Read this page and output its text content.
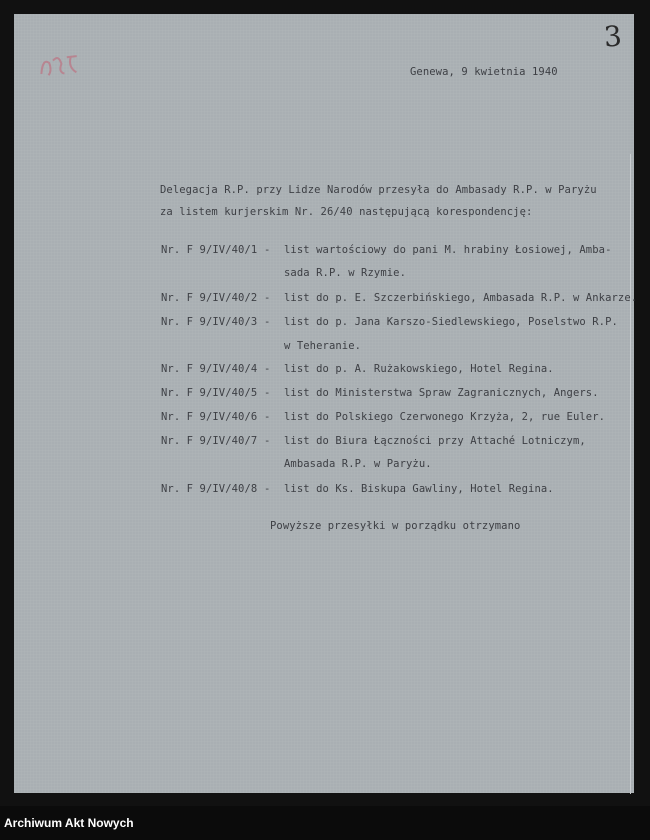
3
Genewa, 9 kwietnia 1940
Delegacja R.P. przy Lidze Narodów przesyła do Ambasady R.P. w Paryżu
za listem kurjerskim Nr. 26/40 następującą korespondencję:
Nr. F 9/IV/40/1 - list wartościowy do pani M. hrabiny Łosiowej, Amba-
sada R.P. w Rzymie.
Nr. F 9/IV/40/2 - list do p. E. Szczerbińskiego, Ambasada R.P. w Ankarze.
Nr. F 9/IV/40/3 - list do p. Jana Karszo-Siedlewskiego, Poselstwo R.P.
w Teheranie.
Nr. F 9/IV/40/4 - list do p. A. Rużakowskiego, Hotel Regina.
Nr. F 9/IV/40/5 - list do Ministerstwa Spraw Zagranicznych, Angers.
Nr. F 9/IV/40/6 - list do Polskiego Czerwonego Krzyża, 2, rue Euler.
Nr. F 9/IV/40/7 - list do Biura Łączności przy Attaché Lotniczym,
Ambasada R.P. w Paryżu.
Nr. F 9/IV/40/8 - list do Ks. Biskupa Gawliny, Hotel Regina.
Powyższe przesyłki w porządku otrzymano
Archiwum Akt Nowych
